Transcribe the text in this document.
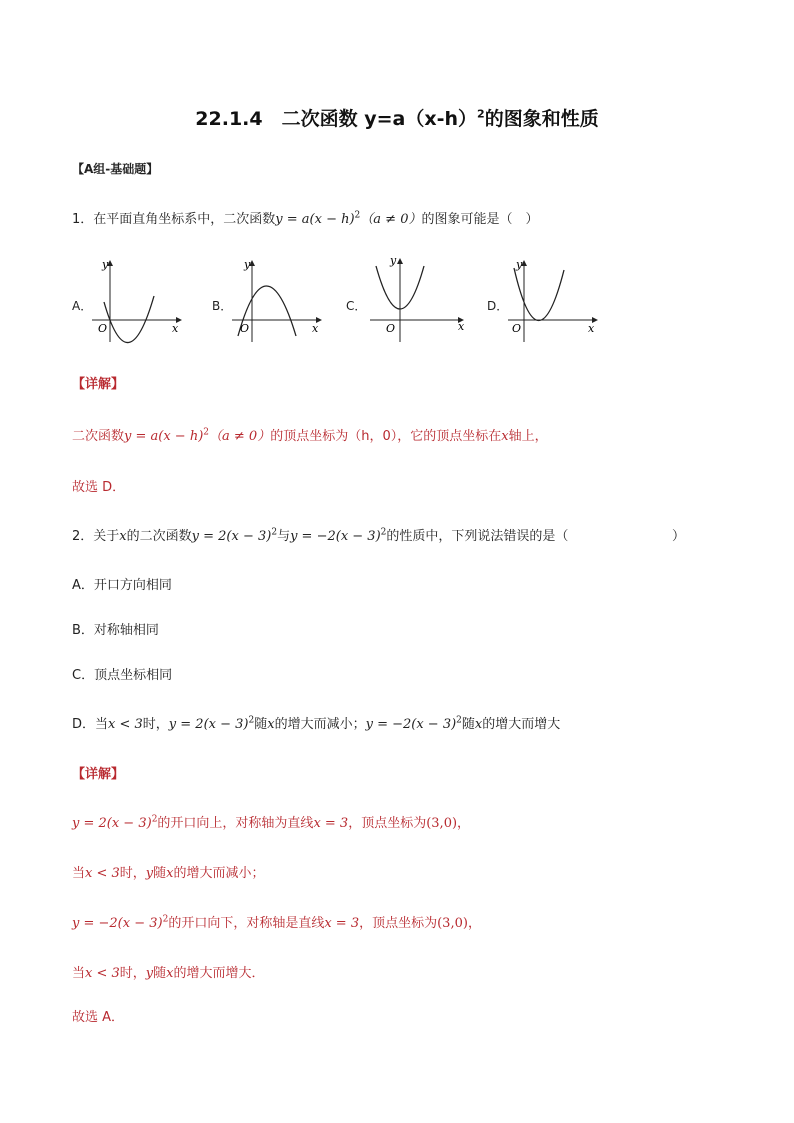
22.1.4　二次函数 $y=a(x-h)^2$的图象和性质
【A组-基础题】
1．在平面直角坐标系中，二次函数$y = a(x - h)^2(a \ne 0)$的图象可能是（　）
A．
x
y
O
B．
x
y
O
C．
x
y
O
D．
x
y
O
【详解】
二次函数$y = a(x - h)^2(a \ne 0)$的顶点坐标为（h，0），它的顶点坐标在x轴上，
故选 D．
2．关于x的二次函数$y = 2(x - 3)^2$与$y = -2(x - 3)^2$的性质中，下列说法错误的是（	）
A．开口方向相同
B．对称轴相同
C．顶点坐标相同
D．当x < 3时，$y = 2(x - 3)^2$随x的增大而减小；$y = -2(x - 3)^2$随x的增大而增大
【详解】
$y = 2(x - 3)^2$的开口向上，对称轴为直线x = 3，顶点坐标为(3,0)，
当x < 3时，y随x的增大而减小；
$y = -2(x - 3)^2$的开口向下，对称轴是直线x = 3，顶点坐标为(3,0)，
当x < 3时，y随x的增大而增大．
故选 A．
